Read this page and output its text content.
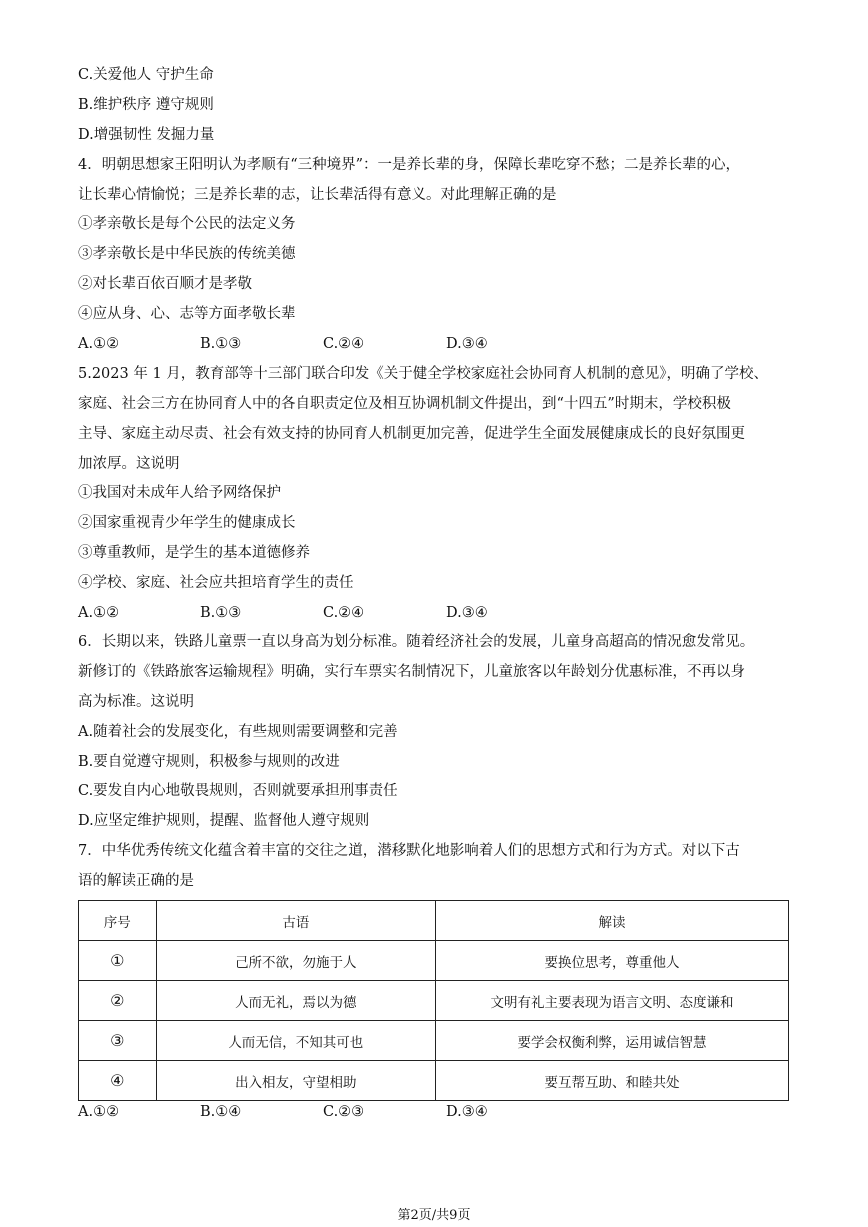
C.关爱他人 守护生命
B.维护秩序 遵守规则
D.增强韧性 发掘力量
4．明朝思想家王阳明认为孝顺有“三种境界”：一是养长辈的身，保障长辈吃穿不愁；二是养长辈的心，
让长辈心情愉悦；三是养长辈的志，让长辈活得有意义。对此理解正确的是
①孝亲敬长是每个公民的法定义务
③孝亲敬长是中华民族的传统美德
②对长辈百依百顺才是孝敬
④应从身、心、志等方面孝敬长辈
A.①②	B.①③	C.②④	D.③④
5.2023 年 1 月，教育部等十三部门联合印发《关于健全学校家庭社会协同育人机制的意见》，明确了学校、
家庭、社会三方在协同育人中的各自职责定位及相互协调机制文件提出，到“十四五”时期末，学校积极
主导、家庭主动尽责、社会有效支持的协同育人机制更加完善，促进学生全面发展健康成长的良好氛围更
加浓厚。这说明
①我国对未成年人给予网络保护
②国家重视青少年学生的健康成长
③尊重教师，是学生的基本道德修养
④学校、家庭、社会应共担培育学生的责任
A.①②	B.①③	C.②④	D.③④
6．长期以来，铁路儿童票一直以身高为划分标准。随着经济社会的发展，儿童身高超高的情况愈发常见。
新修订的《铁路旅客运输规程》明确，实行车票实名制情况下，儿童旅客以年龄划分优惠标准，不再以身
高为标准。这说明
A.随着社会的发展变化，有些规则需要调整和完善
B.要自觉遵守规则，积极参与规则的改进
C.要发自内心地敬畏规则，否则就要承担刑事责任
D.应坚定维护规则，提醒、监督他人遵守规则
7．中华优秀传统文化蕴含着丰富的交往之道，潜移默化地影响着人们的思想方式和行为方式。对以下古
语的解读正确的是
序号	古语	解读
①	己所不欲，勿施于人	要换位思考，尊重他人
②	人而无礼，焉以为德	文明有礼主要表现为语言文明、态度谦和
③	人而无信，不知其可也	要学会权衡利弊，运用诚信智慧
④	出入相友，守望相助	要互帮互助、和睦共处
A.①②	B.①④	C.②③	D.③④
第2页/共9页
